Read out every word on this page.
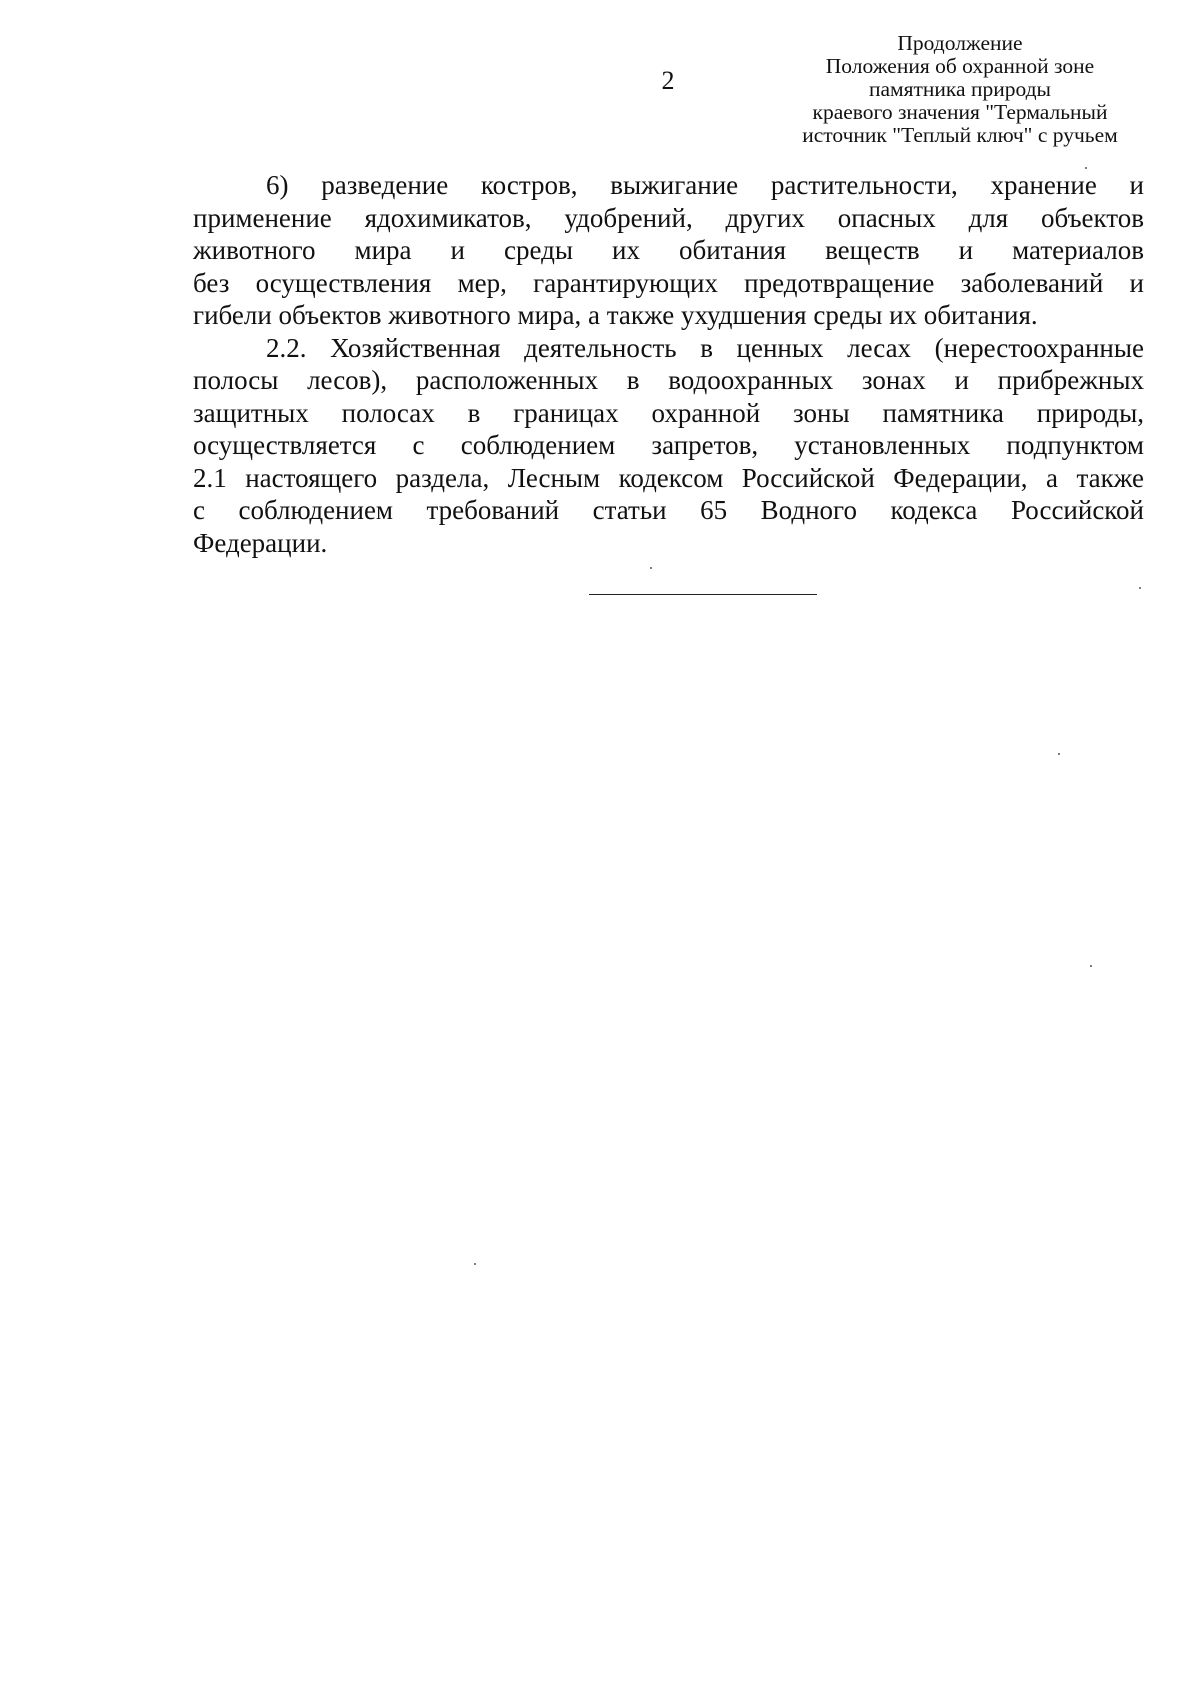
2
Продолжение
Положения об охранной зоне
памятника природы
краевого значения "Термальный
источник "Теплый ключ" с ручьем
6) разведение костров, выжигание растительности, хранение и
применение ядохимикатов, удобрений, других опасных для объектов
животного мира и среды их обитания веществ и материалов
без осуществления мер, гарантирующих предотвращение заболеваний и
гибели объектов животного мира, а также ухудшения среды их обитания.
2.2. Хозяйственная деятельность в ценных лесах (нерестоохранные
полосы лесов), расположенных в водоохранных зонах и прибрежных
защитных полосах в границах охранной зоны памятника природы,
осуществляется с соблюдением запретов, установленных подпунктом
2.1 настоящего раздела, Лесным кодексом Российской Федерации, а также
с соблюдением требований статьи 65 Водного кодекса Российской
Федерации.
